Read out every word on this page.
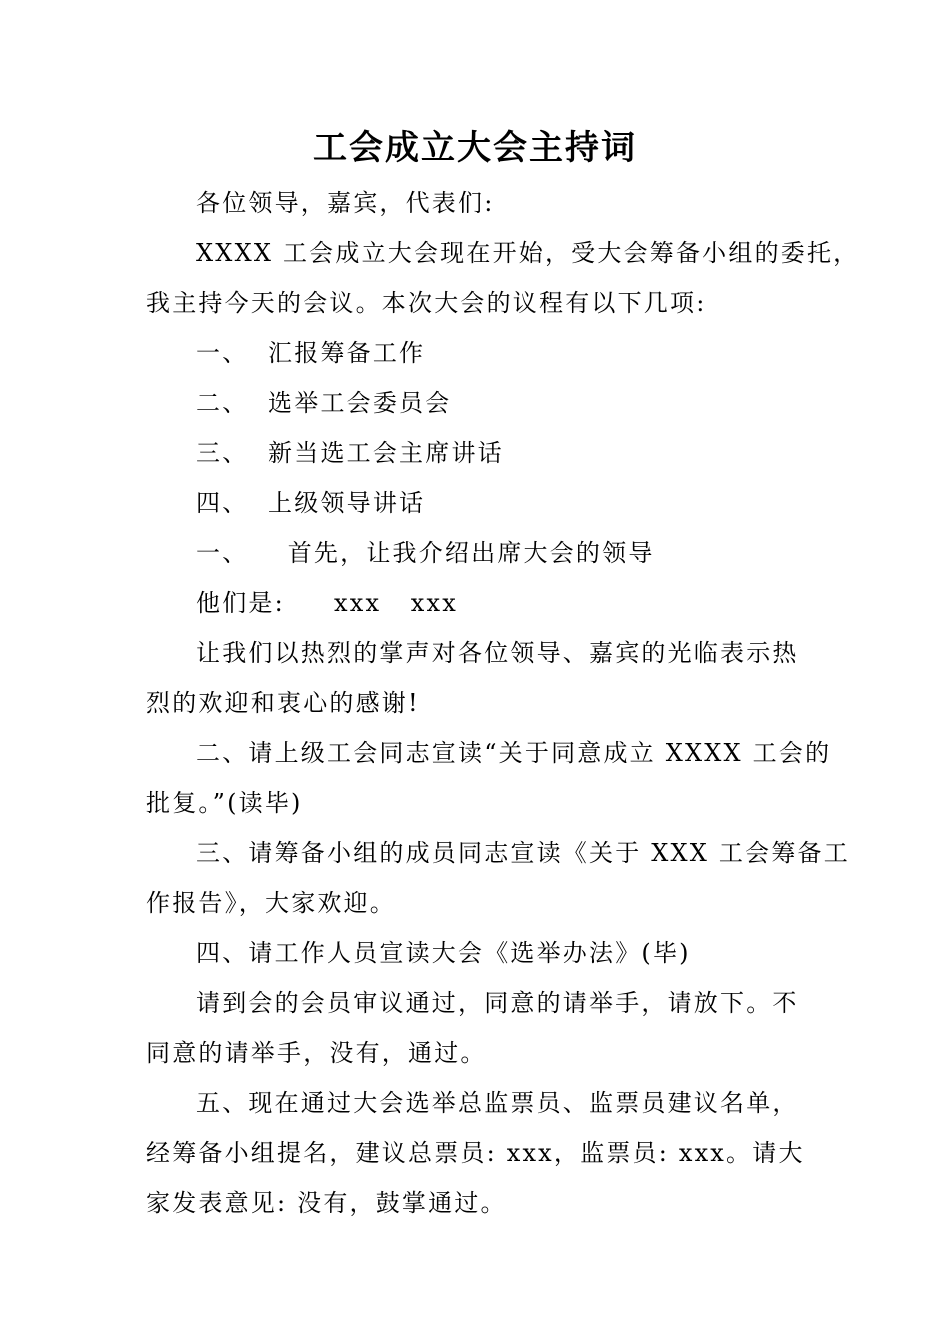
工会成立大会主持词
各位领导，嘉宾，代表们:
XXXX 工会成立大会现在开始，受大会筹备小组的委托，
我主持今天的会议。本次大会的议程有以下几项:
一、  汇报筹备工作
二、  选举工会委员会
三、  新当选工会主席讲话
四、  上级领导讲话
一、    首先，让我介绍出席大会的领导
他们是:     xxx   xxx
让我们以热烈的掌声对各位领导、嘉宾的光临表示热
烈的欢迎和衷心的感谢!
二、请上级工会同志宣读“关于同意成立 XXXX 工会的
批复。”(读毕)
三、请筹备小组的成员同志宣读《关于 XXX 工会筹备工
作报告》，大家欢迎。
四、请工作人员宣读大会《选举办法》(毕)
请到会的会员审议通过，同意的请举手，请放下。不
同意的请举手，没有，通过。
五、现在通过大会选举总监票员、监票员建议名单，
经筹备小组提名，建议总票员: xxx，监票员: xxx。请大
家发表意见: 没有，鼓掌通过。
